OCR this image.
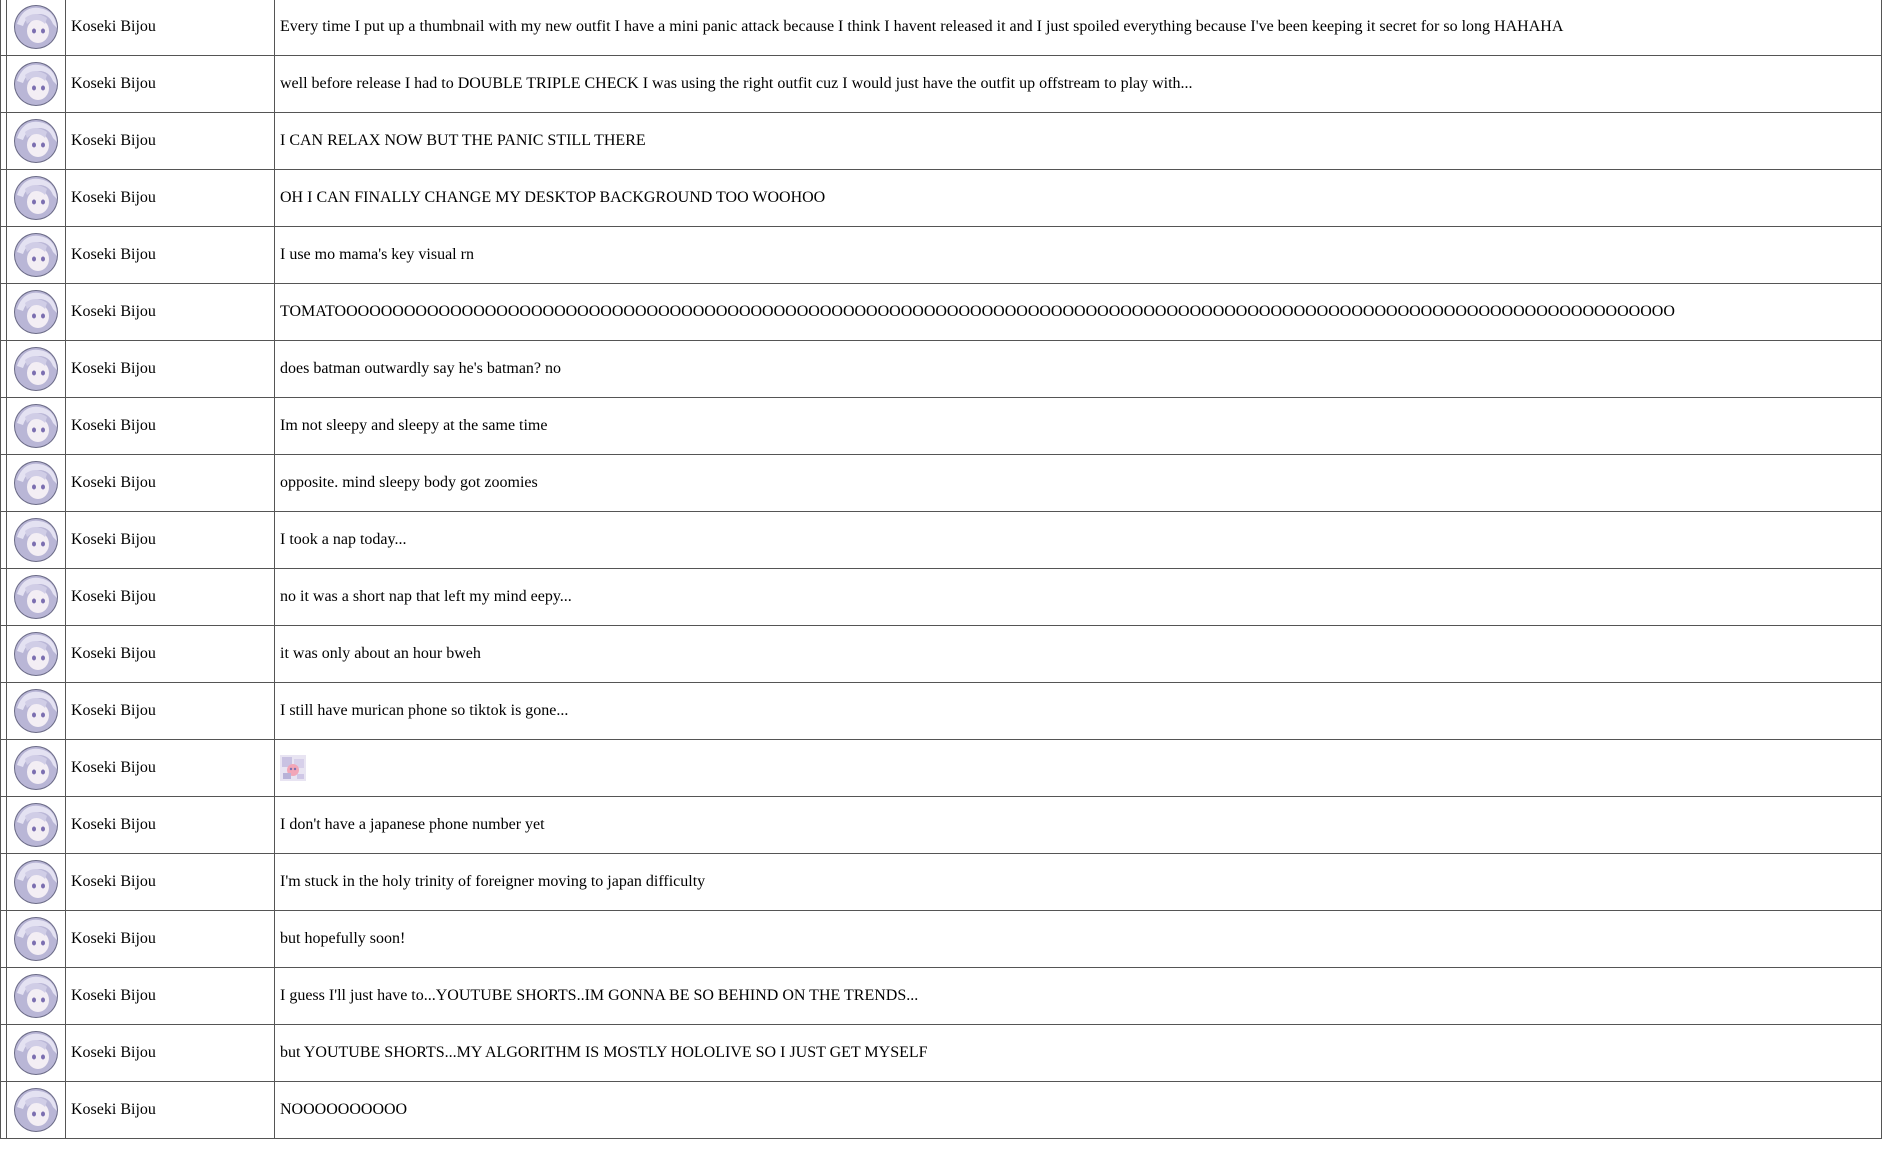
		Koseki Bijou	Every time I put up a thumbnail with my new outfit I have a mini panic attack because I think I havent released it and I just spoiled everything because I've been keeping it secret for so long HAHAHA
		Koseki Bijou	well before release I had to DOUBLE TRIPLE CHECK I was using the right outfit cuz I would just have the outfit up offstream to play with...
		Koseki Bijou	I CAN RELAX NOW BUT THE PANIC STILL THERE
		Koseki Bijou	OH I CAN FINALLY CHANGE MY DESKTOP BACKGROUND TOO WOOHOO
		Koseki Bijou	I use mo mama's key visual rn
		Koseki Bijou	TOMATOOOOOOOOOOOOOOOOOOOOOOOOOOOOOOOOOOOOOOOOOOOOOOOOOOOOOOOOOOOOOOOOOOOOOOOOOOOOOOOOOOOOOOOOOOOOOOOOOOOOOOOOOOOOOOOOOOOO
		Koseki Bijou	does batman outwardly say he's batman? no
		Koseki Bijou	Im not sleepy and sleepy at the same time
		Koseki Bijou	opposite. mind sleepy body got zoomies
		Koseki Bijou	I took a nap today...
		Koseki Bijou	no it was a short nap that left my mind eepy...
		Koseki Bijou	it was only about an hour bweh
		Koseki Bijou	I still have murican phone so tiktok is gone...
		Koseki Bijou	
		Koseki Bijou	I don't have a japanese phone number yet
		Koseki Bijou	I'm stuck in the holy trinity of foreigner moving to japan difficulty
		Koseki Bijou	but hopefully soon!
		Koseki Bijou	I guess I'll just have to...YOUTUBE SHORTS..IM GONNA BE SO BEHIND ON THE TRENDS...
		Koseki Bijou	but YOUTUBE SHORTS...MY ALGORITHM IS MOSTLY HOLOLIVE SO I JUST GET MYSELF
		Koseki Bijou	NOOOOOOOOOO
